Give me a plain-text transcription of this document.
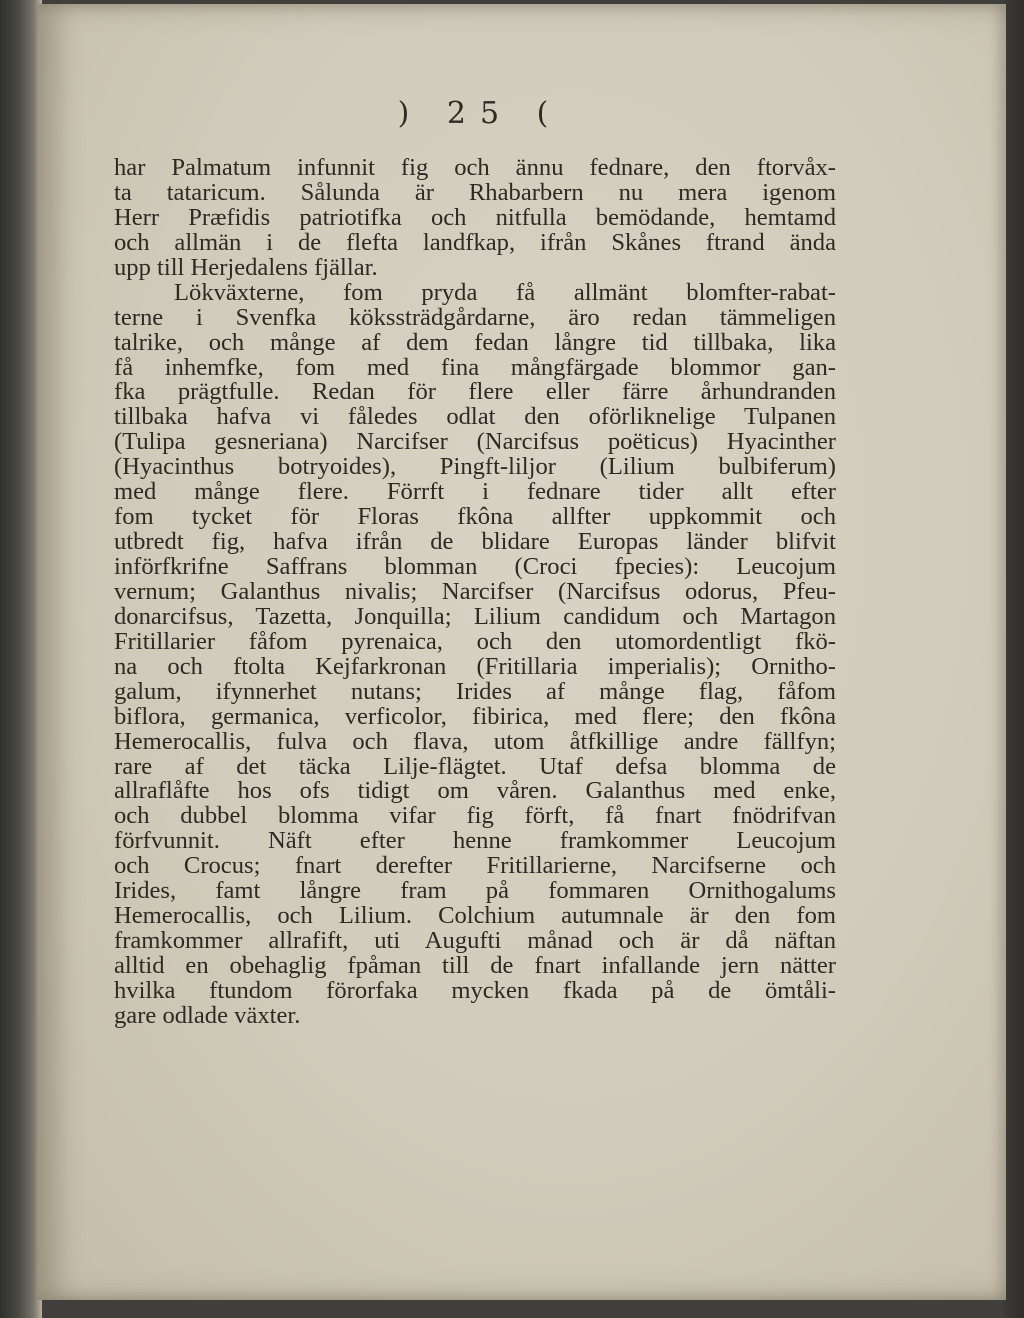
) 25 (
har Palmatum infunnit fig och ännu fednare, den ftorvåx-
ta tataricum. Sålunda är Rhabarbern nu mera igenom
Herr Præfidis patriotifka och nitfulla bemödande, hemtamd
och allmän i de flefta landfkap, ifrån Skånes ftrand ända
upp till Herjedalens fjällar.
Lökväxterne, fom pryda få allmänt blomfter-rabat-
terne i Svenfka kökssträdgårdarne, äro redan tämmeligen
talrike, och månge af dem fedan långre tid tillbaka, lika
få inhemfke, fom med fina mångfärgade blommor gan-
fka prägtfulle. Redan för flere eller färre århundranden
tillbaka hafva vi fåledes odlat den oförliknelige Tulpanen
(Tulipa gesneriana) Narcifser (Narcifsus poëticus) Hyacinther
(Hyacinthus botryoides), Pingft-liljor (Lilium bulbiferum)
med månge flere. Förrft i fednare tider allt efter
fom tycket för Floras fkôna allfter uppkommit och
utbredt fig, hafva ifrån de blidare Europas länder blifvit
införfkrifne Saffrans blomman (Croci fpecies): Leucojum
vernum; Galanthus nivalis; Narcifser (Narcifsus odorus, Pfeu-
donarcifsus, Tazetta, Jonquilla; Lilium candidum och Martagon
Fritillarier fåfom pyrenaica, och den utomordentligt fkö-
na och ftolta Kejfarkronan (Fritillaria imperialis); Ornitho-
galum, ifynnerhet nutans; Irides af månge flag, fåfom
biflora, germanica, verficolor, fibirica, med flere; den fkôna
Hemerocallis, fulva och flava, utom åtfkillige andre fällfyn;
rare af det täcka Lilje-flägtet. Utaf defsa blomma de
allraflåfte hos ofs tidigt om våren. Galanthus med enke,
och dubbel blomma vifar fig förft, få fnart fnödrifvan
förfvunnit. Näft efter henne framkommer Leucojum
och Crocus; fnart derefter Fritillarierne, Narcifserne och
Irides, famt långre fram på fommaren Ornithogalums
Hemerocallis, och Lilium. Colchium autumnale är den fom
framkommer allrafift, uti Augufti månad och är då näftan
alltid en obehaglig fpåman till de fnart infallande jern nätter
hvilka ftundom förorfaka mycken fkada på de ömtåli-
gare odlade växter.
